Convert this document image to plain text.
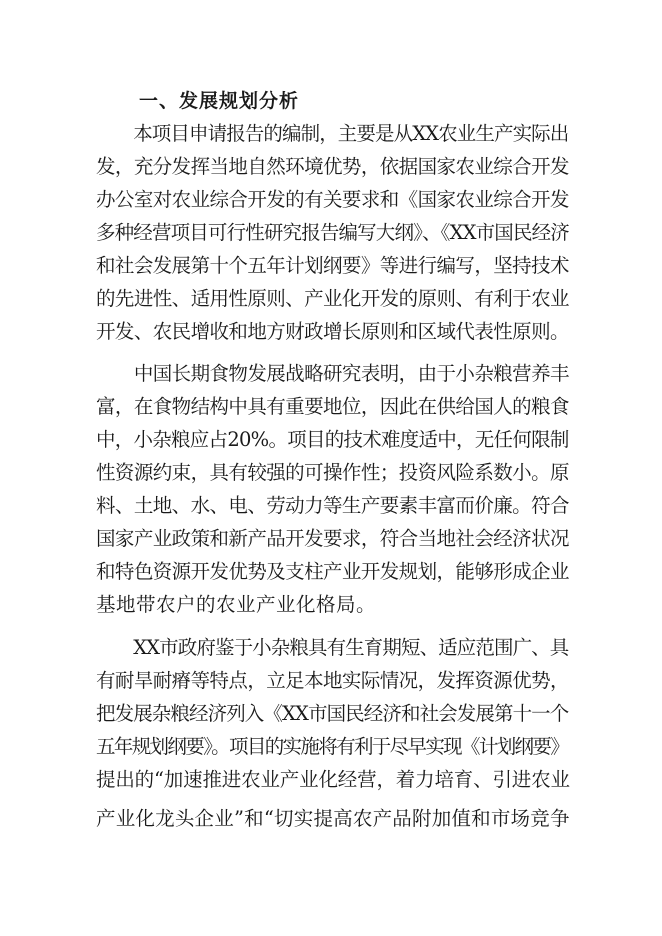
一、发展规划分析
　　本项目申请报告的编制，主要是从XX农业生产实际出
发，充分发挥当地自然环境优势，依据国家农业综合开发
办公室对农业综合开发的有关要求和《国家农业综合开发
多种经营项目可行性研究报告编写大纲》、《XX市国民经济
和社会发展第十个五年计划纲要》等进行编写，坚持技术
的先进性、适用性原则、产业化开发的原则、有利于农业
开发、农民增收和地方财政增长原则和区域代表性原则。
　　中国长期食物发展战略研究表明，由于小杂粮营养丰
富，在食物结构中具有重要地位，因此在供给国人的粮食
中，小杂粮应占20%。项目的技术难度适中，无任何限制
性资源约束，具有较强的可操作性；投资风险系数小。原
料、土地、水、电、劳动力等生产要素丰富而价廉。符合
国家产业政策和新产品开发要求，符合当地社会经济状况
和特色资源开发优势及支柱产业开发规划，能够形成企业
基地带农户的农业产业化格局。
　　XX市政府鉴于小杂粮具有生育期短、适应范围广、具
有耐旱耐瘠等特点，立足本地实际情况，发挥资源优势，
把发展杂粮经济列入《XX市国民经济和社会发展第十一个
五年规划纲要》。项目的实施将有利于尽早实现《计划纲要》
提出的“加速推进农业产业化经营，着力培育、引进农业
产业化龙头企业”和“切实提高农产品附加值和市场竞争
